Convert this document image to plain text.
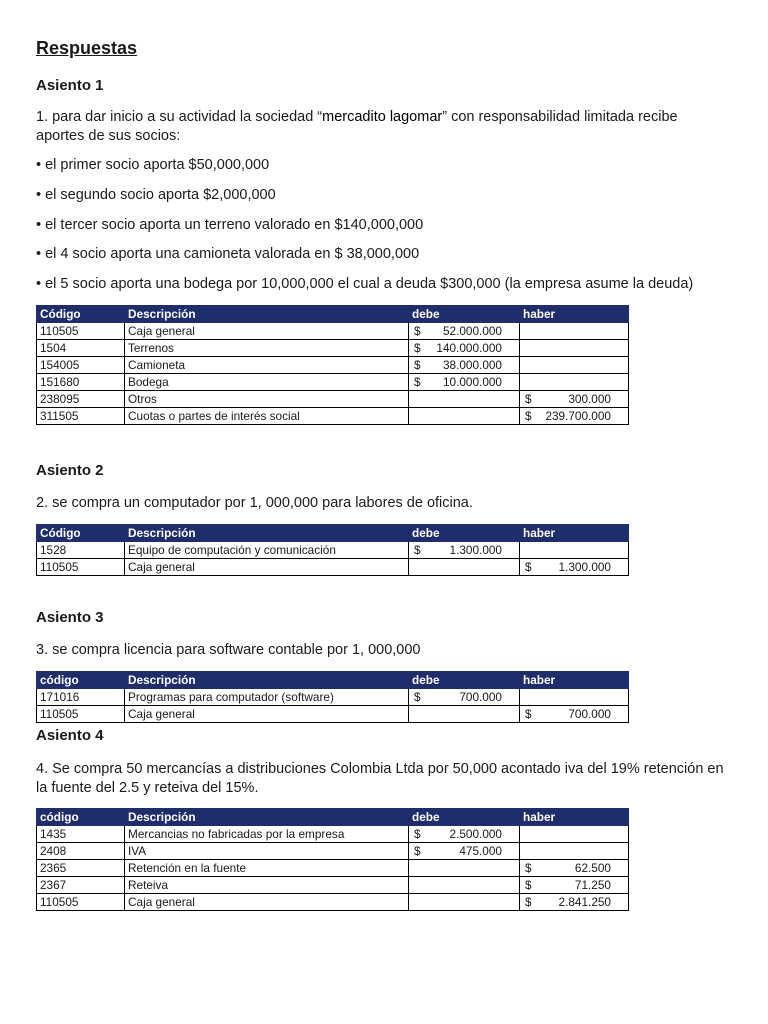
Respuestas
Asiento 1

1. para dar inicio a su actividad la sociedad “mercadito lagomar” con responsabilidad limitada recibe aportes de sus socios:

• el primer socio aporta $50,000,000

• el segundo socio aporta $2,000,000

• el tercer socio aporta un terreno valorado en $140,000,000

• el 4 socio aporta una camioneta valorada en $ 38,000,000

• el 5 socio aporta una bodega por 10,000,000 el cual a deuda $300,000 (la empresa asume la deuda)

Código	Descripción	debe	haber
110505	Caja general	$ 52.000.000	

1504	Terrenos	$ 140.000.000	

154005	Camioneta	$ 38.000.000	

151680	Bodega	$ 10.000.000	

238095	Otros		$ 300.000

311505	Cuotas o partes de interés social		$ 239.700.000
Asiento 2

2. se compra un computador por 1, 000,000 para labores de oficina.

Código	Descripción	debe	haber
1528	Equipo de computación y comunicación	$ 1.300.000	

110505	Caja general		$ 1.300.000
Asiento 3

3. se compra licencia para software contable por 1, 000,000

código	Descripción	debe	haber
171016	Programas para computador (software)	$ 700.000	

110505	Caja general		$ 700.000
Asiento 4

4. Se compra 50 mercancías a distribuciones Colombia Ltda por 50,000 acontado iva del 19% retención en la fuente del 2.5 y reteiva del 15%.

código	Descripción	debe	haber
1435	Mercancias no fabricadas por la empresa	$ 2.500.000	

2408	IVA	$ 475.000	

2365	Retención en la fuente		$ 62.500

2367	Reteiva		$ 71.250

110505	Caja general		$ 2.841.250
